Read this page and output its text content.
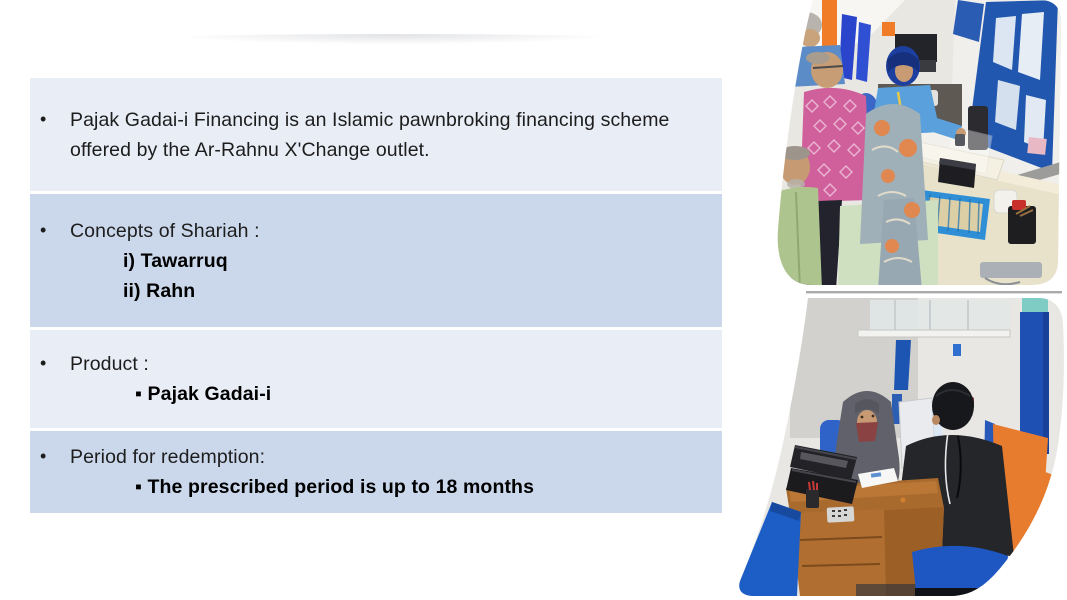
• Pajak Gadai-i Financing is an Islamic pawnbroking financing scheme offered by the Ar-Rahnu X'Change outlet.

• Concepts of Shariah :

i) Tawarruq

ii) Rahn

• Product :

▪ Pajak Gadai-i

• Period for redemption:

▪ The prescribed period is up to 18 months
